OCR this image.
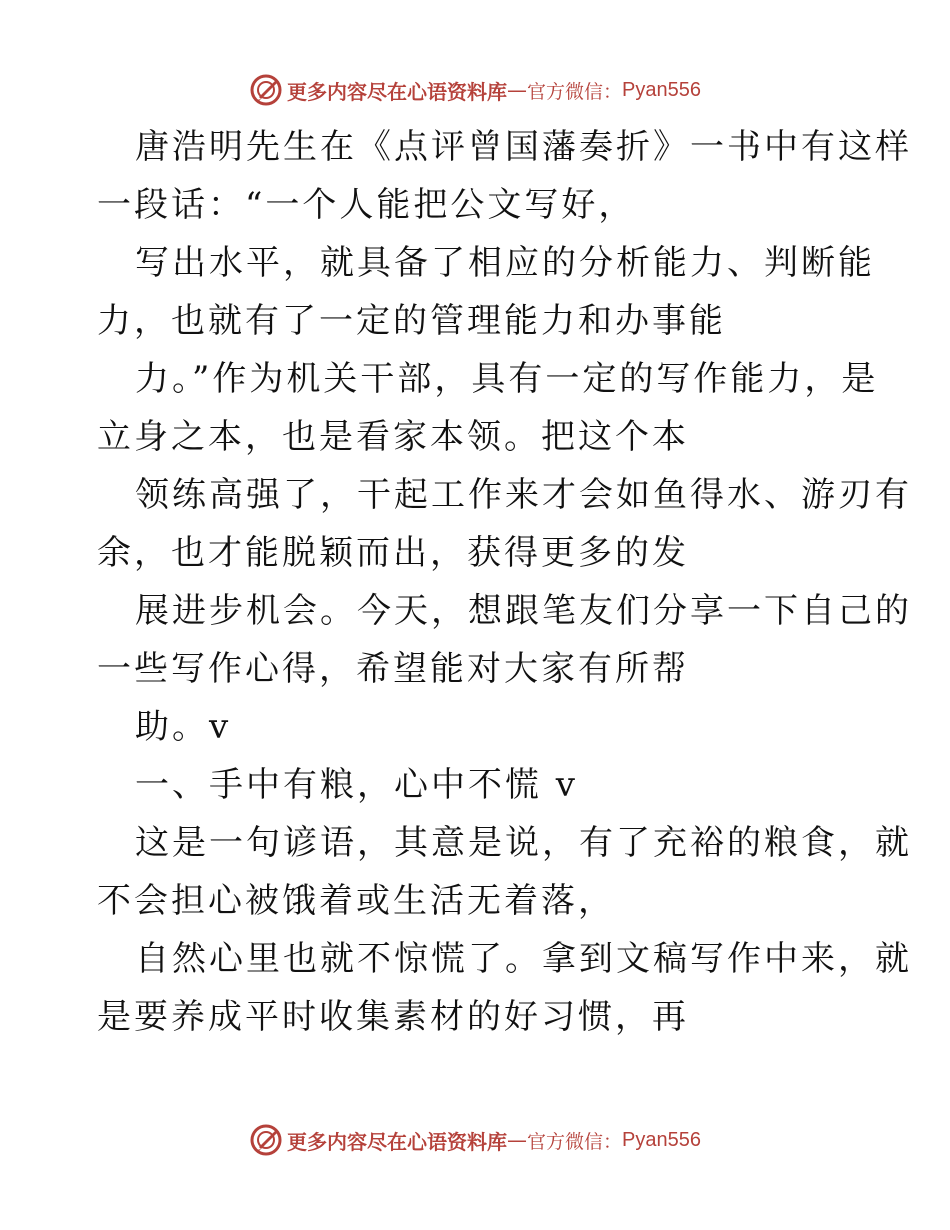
更多内容尽在心语资料库 — 官方微信： Pyan556
唐浩明先生在《点评曾国藩奏折》一书中有这样
一段话：“一个人能把公文写好，
写出水平，就具备了相应的分析能力、判断能
力，也就有了一定的管理能力和办事能
力。”作为机关干部，具有一定的写作能力，是
立身之本，也是看家本领。把这个本
领练高强了，干起工作来才会如鱼得水、游刃有
余，也才能脱颖而出，获得更多的发
展进步机会。今天，想跟笔友们分享一下自己的
一些写作心得，希望能对大家有所帮
助。v
一、手中有粮，心中不慌 v
这是一句谚语，其意是说，有了充裕的粮食，就
不会担心被饿着或生活无着落，
自然心里也就不惊慌了。拿到文稿写作中来，就
是要养成平时收集素材的好习惯，再
更多内容尽在心语资料库 — 官方微信： Pyan556
